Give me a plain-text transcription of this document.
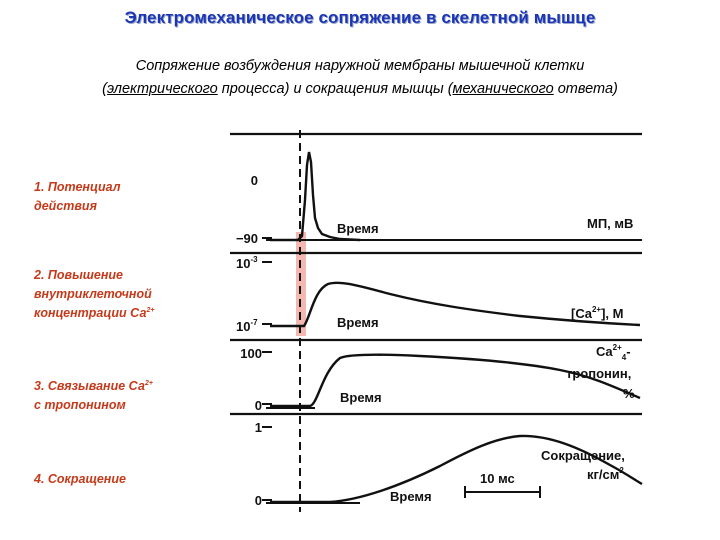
Электромеханическое сопряжение в скелетной мышце
Сопряжение возбуждения наружной мембраны мышечной клетки
(электрического процесса) и сокращения мышцы (механического ответа)
1. Потенциал
действия
2. Повышение
внутриклеточной
концентрации $Са^{2+}$
3. Связывание $Са^{2+}$
с тропонином
4. Сокращение
0
−90
Время	МП, мВ
$10^{-3}$
$10^{-7}$	Время
$[Ca^{2+}]$, М
100
0
Время
$Ca^{2+}_4-$
тропонин,
%
1
0	Время
10 мс
Сокращение,
$кг/см^2$
